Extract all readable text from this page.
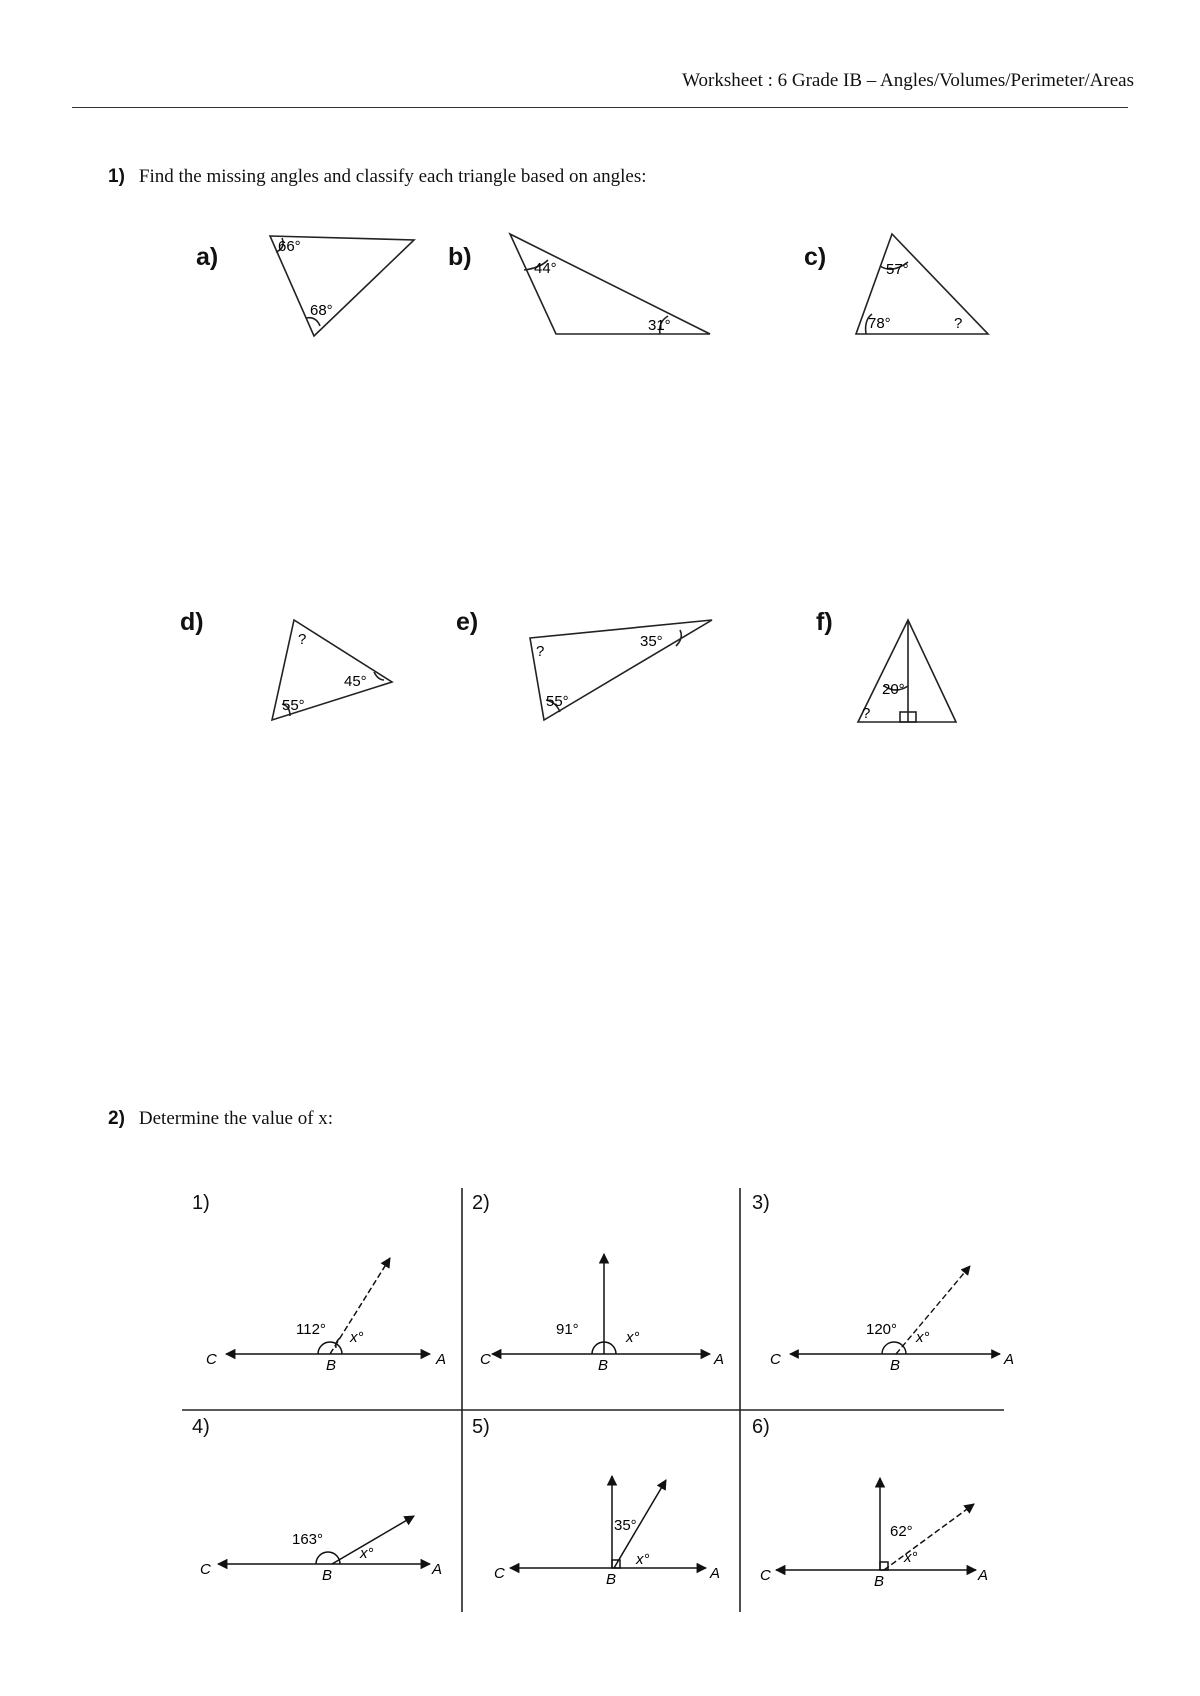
Worksheet : 6 Grade IB – Angles/Volumes/Perimeter/Areas
1) Find the missing angles and classify each triangle based on angles:
a)	b)	c)
d)	e)	f)
66°
68°
44°
31°
57°
78°	?
?
45°
55°
35°
?
55°
20°
?
2) Determine the value of x:
112° x°
C	B	A
91°	x°
C	B	A
120° x°
C	B	A
163°
x°
C	B	A
35°
x°
C	B	A
62°
x°
C	B	A
1)	2)	3)
4)	5)	6)
